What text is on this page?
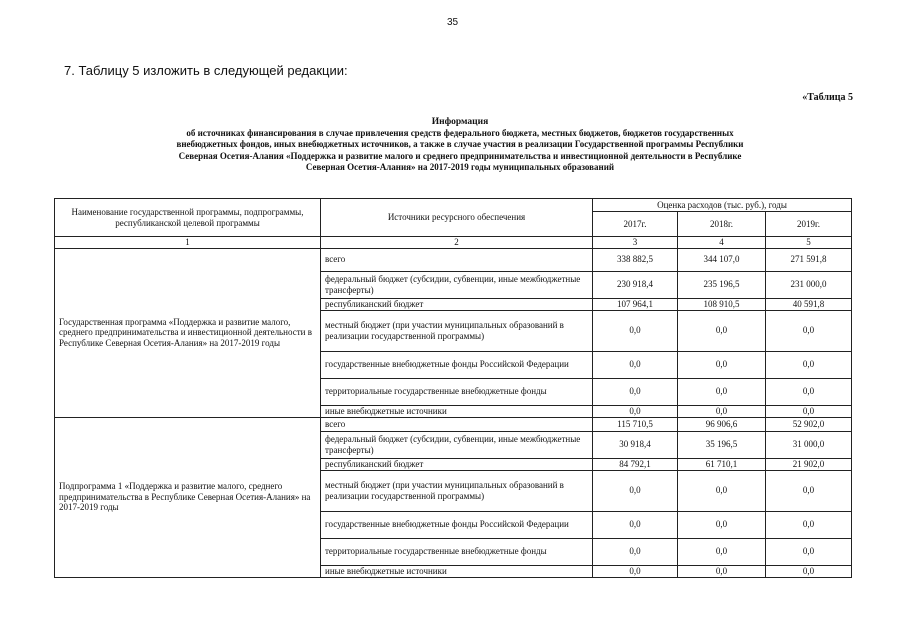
35
7. Таблицу 5 изложить в следующей редакции:
«Таблица 5
Информация
об источниках финансирования в случае привлечения средств федерального бюджета, местных бюджетов, бюджетов государственных
внебюджетных фондов, иных внебюджетных источников, а также в случае участия в реализации Государственной программы Республики
Северная Осетия-Алания «Поддержка и развитие малого и среднего предпринимательства и инвестиционной деятельности в Республике
Северная Осетия-Алания» на 2017-2019 годы муниципальных образований
Наименование государственной программы, подпрограммы, республиканской целевой программы	Источники ресурсного обеспечения	Оценка расходов (тыс. руб.), годы		
		2017г.	2018г.	2019г.
1	2	3	4	5
Государственная программа «Поддержка и развитие малого, среднего предпринимательства и инвестиционной деятельности в Республике Северная Осетия-Алания» на 2017-2019 годы	всего	338 882,5	344 107,0	271 591,8
	федеральный бюджет (субсидии, субвенции, иные межбюджетные трансферты)	230 918,4	235 196,5	231 000,0
	республиканский бюджет	107 964,1	108 910,5	40 591,8
	местный бюджет (при участии муниципальных образований в реализации государственной программы)	0,0	0,0	0,0
	государственные внебюджетные фонды Российской Федерации	0,0	0,0	0,0
	территориальные государственные внебюджетные фонды	0,0	0,0	0,0
	иные внебюджетные источники	0,0	0,0	0,0
Подпрограмма 1 «Поддержка и развитие малого, среднего предпринимательства в Республике Северная Осетия-Алания» на 2017-2019 годы	всего	115 710,5	96 906,6	52 902,0
	федеральный бюджет (субсидии, субвенции, иные межбюджетные трансферты)	30 918,4	35 196,5	31 000,0
	республиканский бюджет	84 792,1	61 710,1	21 902,0
	местный бюджет (при участии муниципальных образований в реализации государственной программы)	0,0	0,0	0,0
	государственные внебюджетные фонды Российской Федерации	0,0	0,0	0,0
	территориальные государственные внебюджетные фонды	0,0	0,0	0,0
	иные внебюджетные источники	0,0	0,0	0,0
